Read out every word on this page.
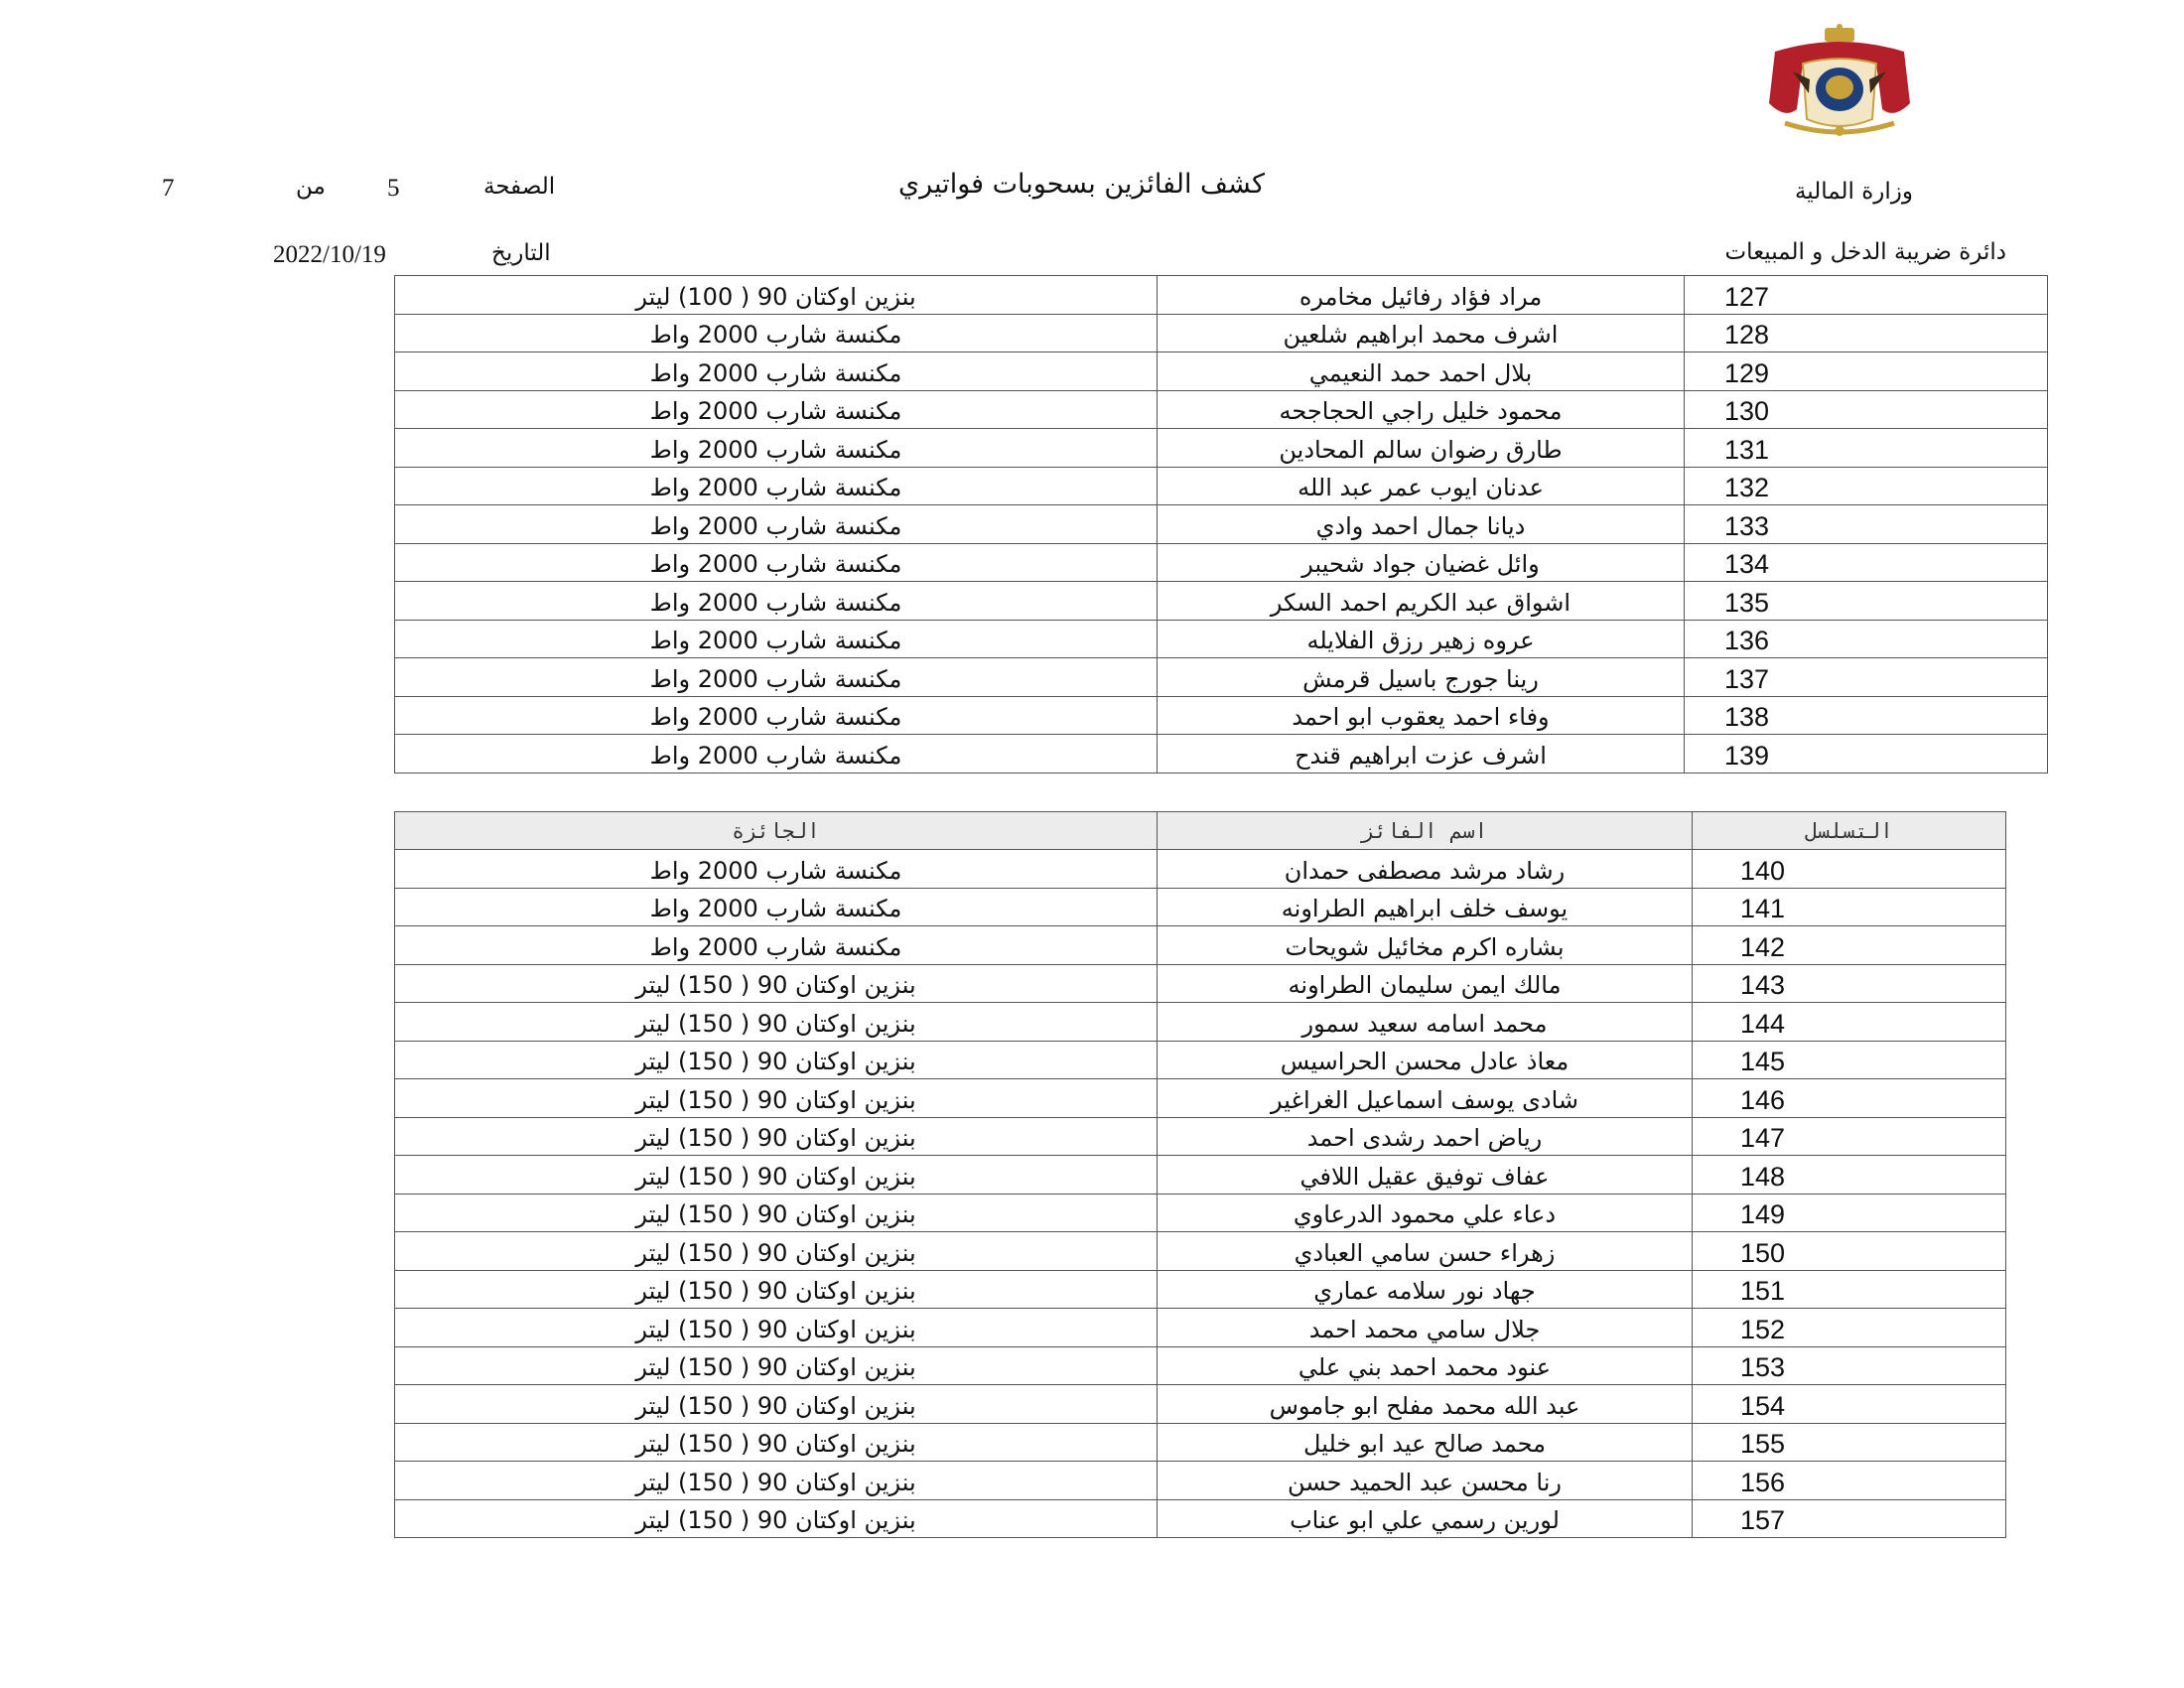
وزارة المالية
دائرة ضريبة الدخل و المبيعات
كشف الفائزين بسحوبات فواتيري
الصفحة
5
من
7
التاريخ
2022/10/19
بنزين اوكتان 90 ( 100) ليتر	مراد فؤاد رفائيل مخامره	127
مكنسة شارب 2000 واط	اشرف محمد ابراهيم شلعين	128
مكنسة شارب 2000 واط	بلال احمد حمد النعيمي	129
مكنسة شارب 2000 واط	محمود خليل راجي الحجاجحه	130
مكنسة شارب 2000 واط	طارق رضوان سالم المحادين	131
مكنسة شارب 2000 واط	عدنان ايوب عمر عبد الله	132
مكنسة شارب 2000 واط	ديانا جمال احمد وادي	133
مكنسة شارب 2000 واط	وائل غضيان جواد شحيبر	134
مكنسة شارب 2000 واط	اشواق عبد الكريم احمد السكر	135
مكنسة شارب 2000 واط	عروه زهير رزق الفلايله	136
مكنسة شارب 2000 واط	رينا جورج باسيل قرمش	137
مكنسة شارب 2000 واط	وفاء احمد يعقوب ابو احمد	138
مكنسة شارب 2000 واط	اشرف عزت ابراهيم قندح	139
الجائزة	اسم الفائز	التسلسل
مكنسة شارب 2000 واط	رشاد مرشد مصطفى حمدان	140
مكنسة شارب 2000 واط	يوسف خلف ابراهيم الطراونه	141
مكنسة شارب 2000 واط	بشاره اكرم مخائيل شويحات	142
بنزين اوكتان 90 ( 150) ليتر	مالك ايمن سليمان الطراونه	143
بنزين اوكتان 90 ( 150) ليتر	محمد اسامه سعيد سمور	144
بنزين اوكتان 90 ( 150) ليتر	معاذ عادل محسن الحراسيس	145
بنزين اوكتان 90 ( 150) ليتر	شادى يوسف اسماعيل الغراغير	146
بنزين اوكتان 90 ( 150) ليتر	رياض احمد رشدى احمد	147
بنزين اوكتان 90 ( 150) ليتر	عفاف توفيق عقيل اللافي	148
بنزين اوكتان 90 ( 150) ليتر	دعاء علي محمود الدرعاوي	149
بنزين اوكتان 90 ( 150) ليتر	زهراء حسن سامي العبادي	150
بنزين اوكتان 90 ( 150) ليتر	جهاد نور سلامه عماري	151
بنزين اوكتان 90 ( 150) ليتر	جلال سامي محمد احمد	152
بنزين اوكتان 90 ( 150) ليتر	عنود محمد احمد بني علي	153
بنزين اوكتان 90 ( 150) ليتر	عبد الله محمد مفلح ابو جاموس	154
بنزين اوكتان 90 ( 150) ليتر	محمد صالح عيد ابو خليل	155
بنزين اوكتان 90 ( 150) ليتر	رنا محسن عبد الحميد حسن	156
بنزين اوكتان 90 ( 150) ليتر	لورين رسمي علي ابو عناب	157
